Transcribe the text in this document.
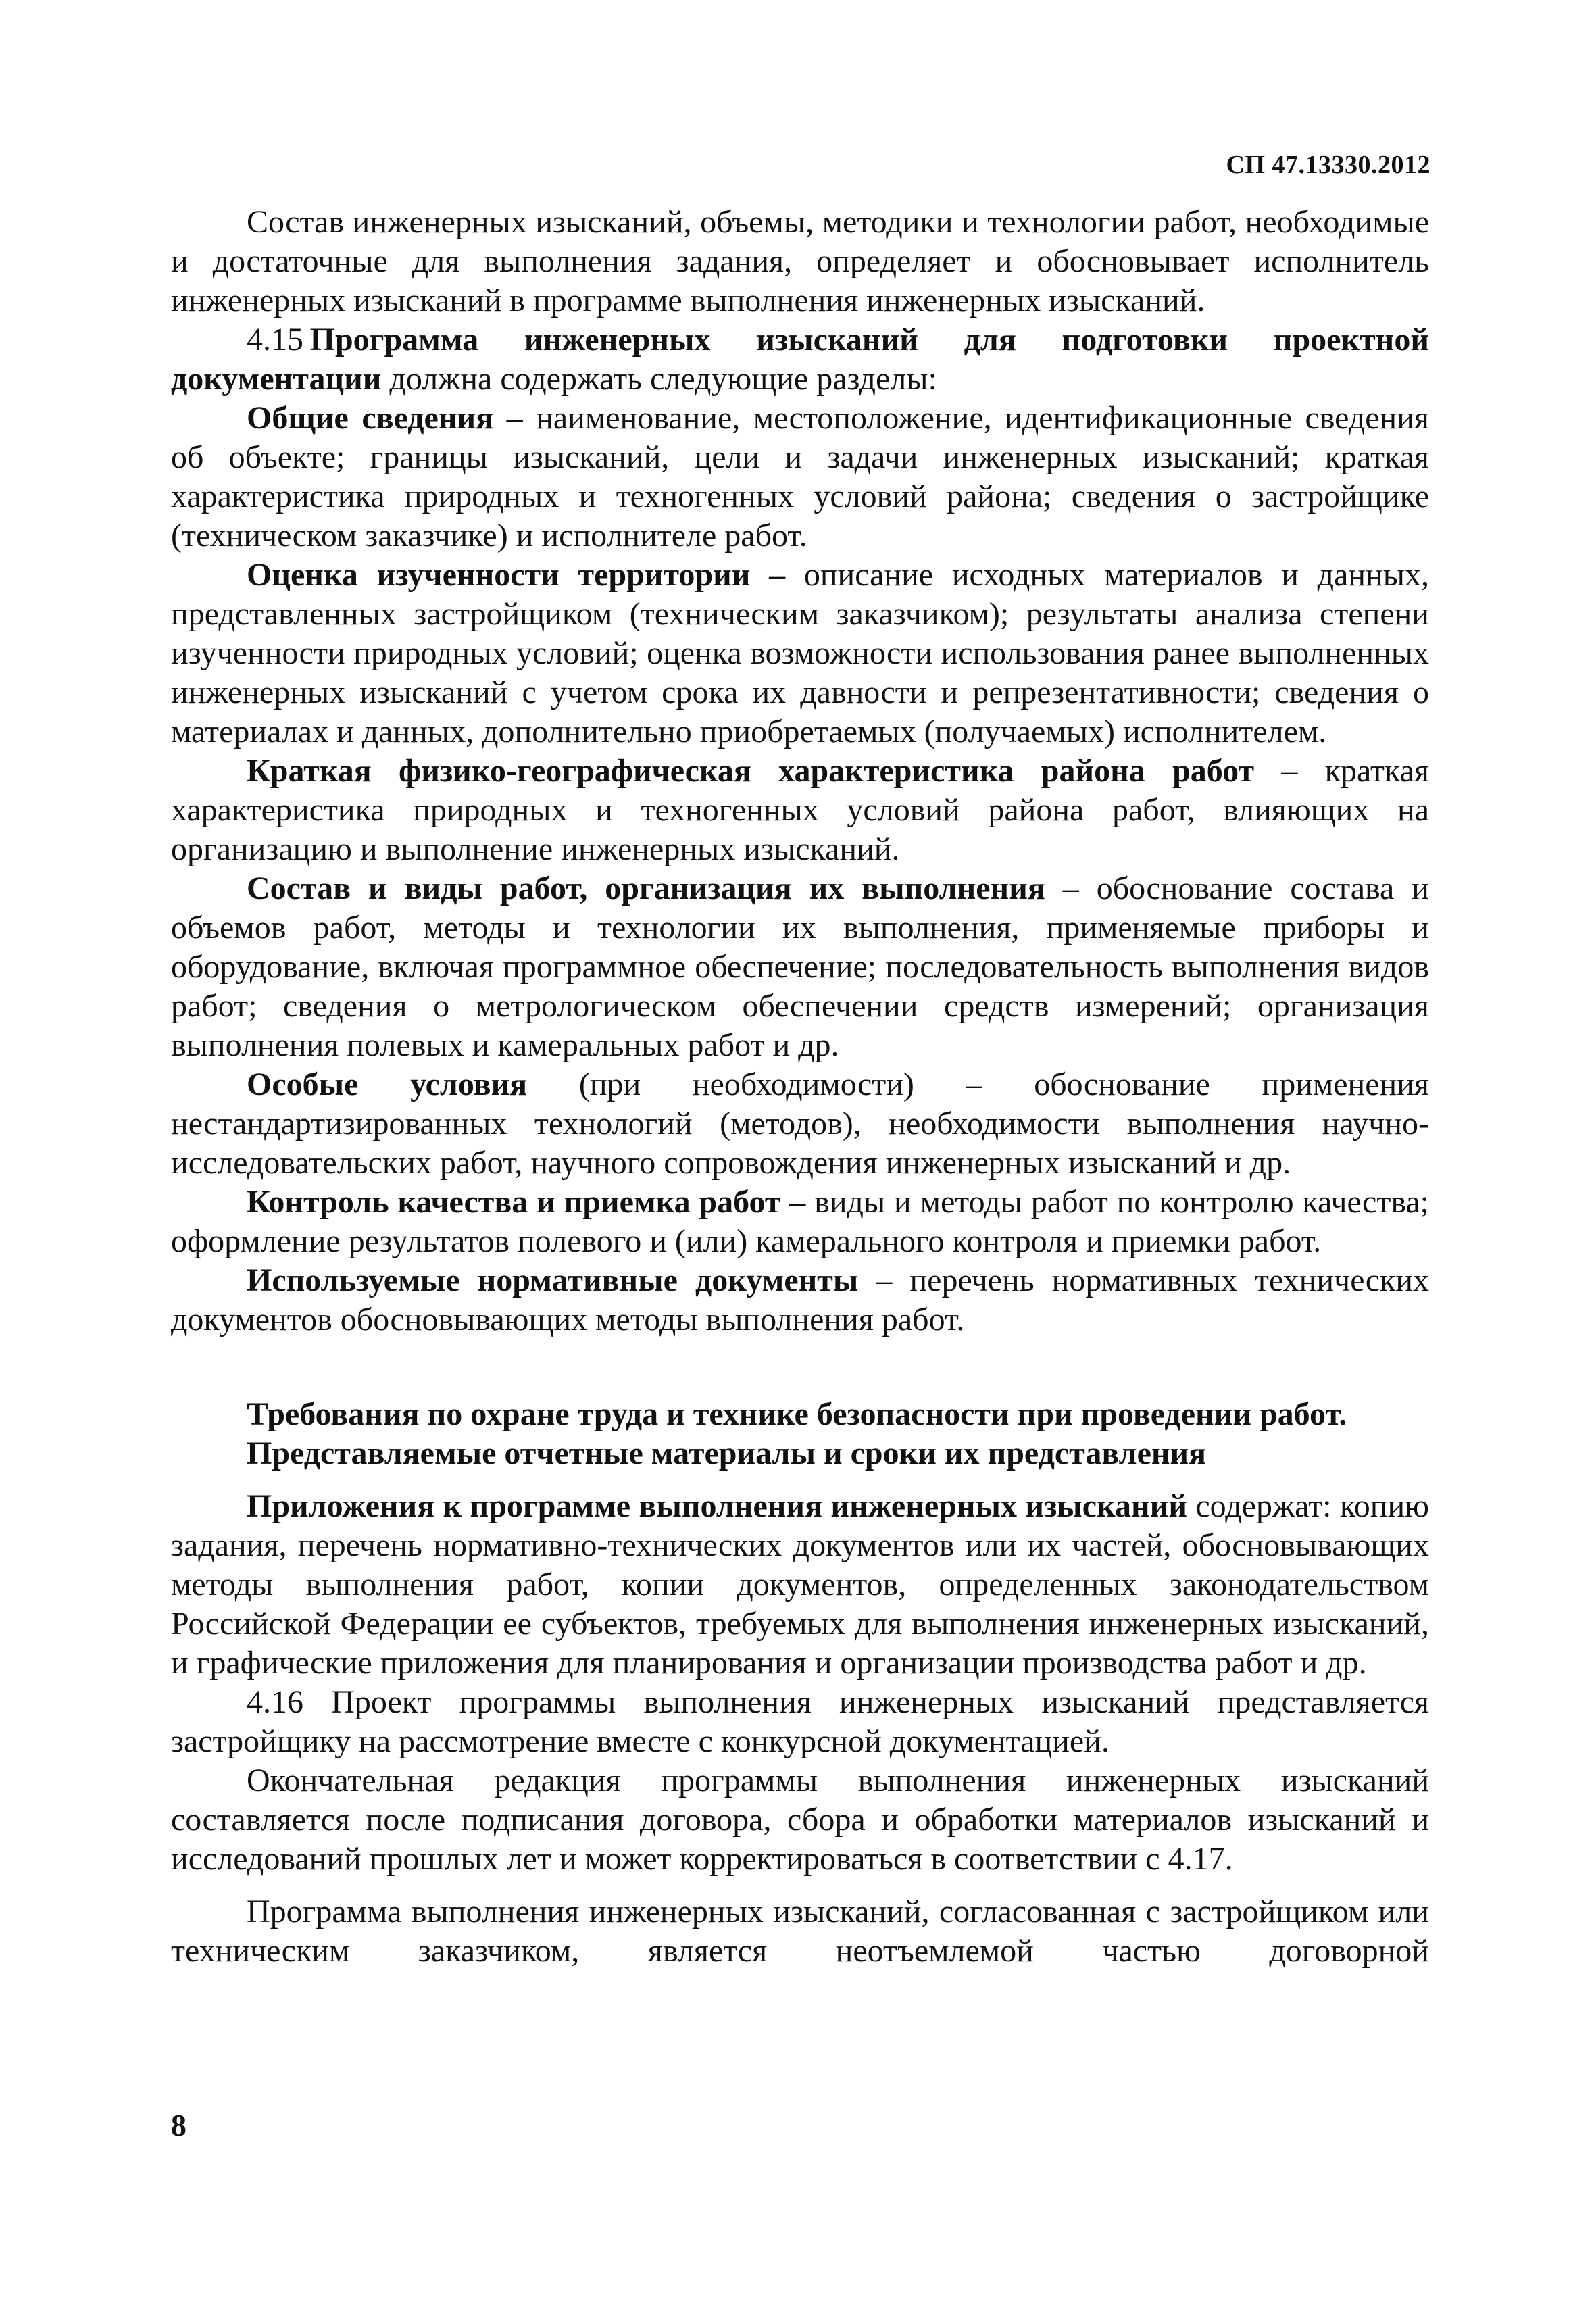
СП 47.13330.2012

Состав инженерных изысканий, объемы, методики и технологии работ, необходимые и достаточные для выполнения задания, определяет и обосновывает исполнитель инженерных изысканий в программе выполнения инженерных изысканий.

4.15  Программа инженерных изысканий для подготовки проектной документации должна содержать следующие разделы:

Общие сведения – наименование, местоположение, идентификационные сведения об объекте; границы изысканий, цели и задачи инженерных изысканий; краткая характеристика природных и техногенных условий района; сведения о застройщике (техническом заказчике) и исполнителе работ.

Оценка изученности территории – описание исходных материалов и данных, представленных застройщиком (техническим заказчиком); результаты анализа степени изученности природных условий; оценка возможности использования ранее выполненных инженерных изысканий с учетом срока их давности и репрезентативности; сведения о материалах и данных, дополнительно приобретаемых (получаемых) исполнителем.

Краткая физико-географическая характеристика района работ – краткая характеристика природных и техногенных условий района работ, влияющих на организацию и выполнение инженерных изысканий.

Состав и виды работ, организация их выполнения – обоснование состава и объемов работ, методы и технологии их выполнения, применяемые приборы и оборудование, включая программное обеспечение; последовательность выполнения видов работ; сведения о метрологическом обеспечении средств измерений; организация выполнения полевых и камеральных работ и др.

Особые условия (при необходимости) – обоснование применения нестандартизированных технологий (методов), необходимости выполнения научно-исследовательских работ, научного сопровождения инженерных изысканий и др.

Контроль качества и приемка работ – виды и методы работ по контролю качества; оформление результатов полевого и (или) камерального контроля и приемки работ.

Используемые нормативные документы – перечень нормативных технических документов обосновывающих методы выполнения работ.

Требования по охране труда и технике безопасности при проведении работ.
Представляемые отчетные материалы и сроки их представления

Приложения к программе выполнения инженерных изысканий содержат: копию задания, перечень нормативно-технических документов или их частей, обосновывающих методы выполнения работ, копии документов, определенных законодательством Российской Федерации ее субъектов, требуемых для выполнения инженерных изысканий, и графические приложения для планирования и организации производства работ и др.

4.16 Проект программы выполнения инженерных изысканий представляется застройщику на рассмотрение вместе с конкурсной документацией.

Окончательная редакция программы выполнения инженерных изысканий составляется после подписания договора, сбора и обработки материалов изысканий и исследований прошлых лет и может корректироваться в соответствии с 4.17.

Программа выполнения инженерных изысканий, согласованная с застройщиком или техническим заказчиком, является неотъемлемой частью договорной

8
